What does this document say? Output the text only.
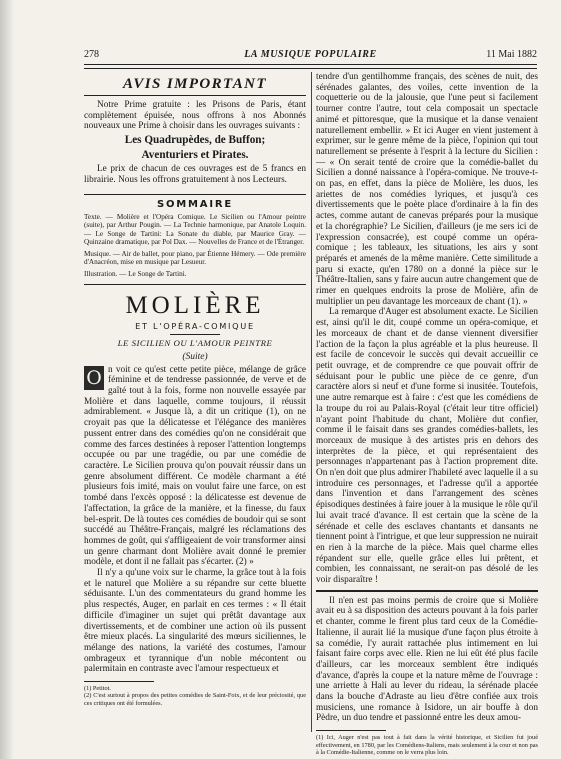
278	LA MUSIQUE POPULAIRE	11 Mai 1882
AVIS IMPORTANT

Notre Prime gratuite : les Prisons de Paris, étant complètement épuisée, nous offrons à nos Abonnés nouveaux une Prime à choisir dans les ouvrages suivants :

Les Quadrupèdes, de Buffon;
Aventuriers et Pirates.

Le prix de chacun de ces ouvrages est de 5 francs en librairie. Nous les offrons gratuitement à nos Lecteurs.

SOMMAIRE

Texte. — Molière et l'Opéra Comique. Le Sicilien ou l'Amour peintre (suite), par Arthur Pougin. — La Technie harmonique, par Anatole Loquin. — Le Songe de Tartini: La Sonate du diable, par Maurice Gray. — Quinzaine dramatique, par Pol Dax. — Nouvelles de France et de l'Étranger.

Musique. — Air de ballet, pour piano, par Étienne Hémery. — Ode première d'Anacréon, mise en musique par Lesueur.

Illustration. — Le Songe de Tartini.

MOLIÈRE
ET L'OPÉRA-COMIQUE
LE SICILIEN OU L'AMOUR PEINTRE
(Suite)

O n voit ce qu'est cette petite pièce, mélange de grâce féminine et de tendresse passionnée, de verve et de gaîté tout à la fois, forme non nouvelle essayée par Molière et dans laquelle, comme toujours, il réussit admirablement. « Jusque là, a dit un critique (1), on ne croyait pas que la délicatesse et l'élégance des manières pussent entrer dans des comédies qu'on ne considérait que comme des farces destinées à reposer l'attention longtemps occupée ou par une tragédie, ou par une comédie de caractère. Le Sicilien prouva qu'on pouvait réussir dans un genre absolument différent. Ce modèle charmant a été plusieurs fois imité, mais on voulut faire une farce, on est tombé dans l'excès opposé : la délicatesse est devenue de l'affectation, la grâce de la manière, et la finesse, du faux bel-esprit. De là toutes ces comédies de boudoir qui se sont succédé au Théâtre-Français, malgré les réclamations des hommes de goût, qui s'affligeaient de voir transformer ainsi un genre charmant dont Molière avait donné le premier modèle, et dont il ne fallait pas s'écarter. (2) »

Il n'y a qu'une voix sur le charme, la grâce tout à la fois et le naturel que Molière a su répandre sur cette bluette séduisante. L'un des commentateurs du grand homme les plus respectés, Auger, en parlait en ces termes : « Il était difficile d'imaginer un sujet qui prêtât davantage aux divertissements, et de combiner une action où ils pussent être mieux placés. La singularité des mœurs siciliennes, le mélange des nations, la variété des costumes, l'amour ombrageux et tyrannique d'un noble mécontent ou palermitain en contraste avec l'amour respectueux et

(1) Petitot.

(2) C'est surtout à propos des petites comédies de Saint-Foix, et de leur préciosité, que ces critiques ont été formulées.

tendre d'un gentilhomme français, des scènes de nuit, des sérénades galantes, des voiles, cette invention de la coquetterie ou de la jalousie, que l'une peut si facilement tourner contre l'autre, tout cela composait un spectacle animé et pittoresque, que la musique et la danse venaient naturellement embellir. » Et ici Auger en vient justement à exprimer, sur le genre même de la pièce, l'opinion qui tout naturellement se présente à l'esprit à la lecture du Sicilien : — « On serait tenté de croire que la comédie-ballet du Sicilien a donné naissance à l'opéra-comique. Ne trouve-t-on pas, en effet, dans la pièce de Molière, les duos, les ariettes de nos comédies lyriques, et jusqu'à ces divertissements que le poète place d'ordinaire à la fin des actes, comme autant de canevas préparés pour la musique et la chorégraphie? Le Sicilien, d'ailleurs (je me sers ici de l'expression consacrée), est coupé comme un opéra-comique ; les tableaux, les situations, les airs y sont préparés et amenés de la même manière. Cette similitude a paru si exacte, qu'en 1780 on a donné la pièce sur le Théâtre-Italien, sans y faire aucun autre changement que de rimer en quelques endroits la prose de Molière, afin de multiplier un peu davantage les morceaux de chant (1). »

La remarque d'Auger est absolument exacte. Le Sicilien est, ainsi qu'il le dit, coupé comme un opéra-comique, et les morceaux de chant et de danse viennent diversifier l'action de la façon la plus agréable et la plus heureuse. Il est facile de concevoir le succès qui devait accueillir ce petit ouvrage, et de comprendre ce que pouvait offrir de séduisant pour le public une pièce de ce genre, d'un caractère alors si neuf et d'une forme si inusitée. Toutefois, une autre remarque est à faire : c'est que les comédiens de la troupe du roi au Palais-Royal (c'était leur titre officiel) n'ayant point l'habitude du chant, Molière dut confier, comme il le faisait dans ses grandes comédies-ballets, les morceaux de musique à des artistes pris en dehors des interprètes de la pièce, et qui représentaient des personnages n'appartenant pas à l'action proprement dite. On n'en doit que plus admirer l'habileté avec laquelle il a su introduire ces personnages, et l'adresse qu'il a apportée dans l'invention et dans l'arrangement des scènes épisodiques destinées à faire jouer à la musique le rôle qu'il lui avait tracé d'avance. Il est certain que la scène de la sérénade et celle des esclaves chantants et dansants ne tiennent point à l'intrigue, et que leur suppression ne nuirait en rien à la marche de la pièce. Mais quel charme elles répandent sur elle, quelle grâce elles lui prêtent, et combien, les connaissant, ne serait-on pas désolé de les voir disparaître !

Il n'en est pas moins permis de croire que si Molière avait eu à sa disposition des acteurs pouvant à la fois parler et chanter, comme le firent plus tard ceux de la Comédie-Italienne, il aurait lié la musique d'une façon plus étroite à sa comédie, l'y aurait rattachée plus intimement en lui faisant faire corps avec elle. Rien ne lui eût été plus facile d'ailleurs, car les morceaux semblent être indiqués d'avance, d'après la coupe et la nature même de l'ouvrage : une arriette à Hali au lever du rideau, la sérénade placée dans la bouche d'Adraste au lieu d'être confiée aux trois musiciens, une romance à Isidore, un air bouffe à don Pèdre, un duo tendre et passionné entre les deux amou-

(1) Ici, Auger n'est pas tout à fait dans la vérité historique, et Sicilien fut joué effectivement, en 1780, par les Comédiens-Italiens, mais seulement à la cour et non pas à la Comédie-Italienne, comme on le verra plus loin.
